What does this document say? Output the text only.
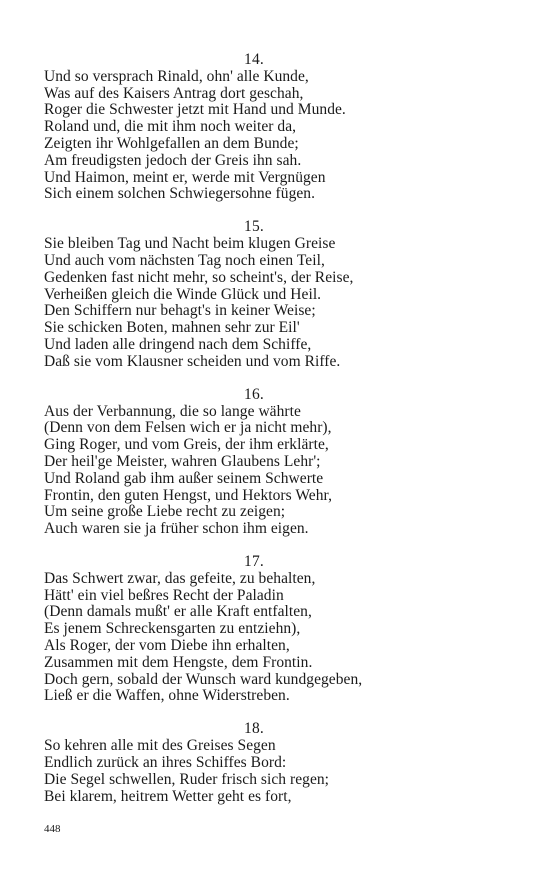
14.
Und so versprach Rinald, ohn' alle Kunde,
Was auf des Kaisers Antrag dort geschah,
Roger die Schwester jetzt mit Hand und Munde.
Roland und, die mit ihm noch weiter da,
Zeigten ihr Wohlgefallen an dem Bunde;
Am freudigsten jedoch der Greis ihn sah.
Und Haimon, meint er, werde mit Vergnügen
Sich einem solchen Schwiegersohne fügen.
15.
Sie bleiben Tag und Nacht beim klugen Greise
Und auch vom nächsten Tag noch einen Teil,
Gedenken fast nicht mehr, so scheint's, der Reise,
Verheißen gleich die Winde Glück und Heil.
Den Schiffern nur behagt's in keiner Weise;
Sie schicken Boten, mahnen sehr zur Eil'
Und laden alle dringend nach dem Schiffe,
Daß sie vom Klausner scheiden und vom Riffe.
16.
Aus der Verbannung, die so lange währte
(Denn von dem Felsen wich er ja nicht mehr),
Ging Roger, und vom Greis, der ihm erklärte,
Der heil'ge Meister, wahren Glaubens Lehr';
Und Roland gab ihm außer seinem Schwerte
Frontin, den guten Hengst, und Hektors Wehr,
Um seine große Liebe recht zu zeigen;
Auch waren sie ja früher schon ihm eigen.
17.
Das Schwert zwar, das gefeite, zu behalten,
Hätt' ein viel beßres Recht der Paladin
(Denn damals mußt' er alle Kraft entfalten,
Es jenem Schreckensgarten zu entziehn),
Als Roger, der vom Diebe ihn erhalten,
Zusammen mit dem Hengste, dem Frontin.
Doch gern, sobald der Wunsch ward kundgegeben,
Ließ er die Waffen, ohne Widerstreben.
18.
So kehren alle mit des Greises Segen
Endlich zurück an ihres Schiffes Bord:
Die Segel schwellen, Ruder frisch sich regen;
Bei klarem, heitrem Wetter geht es fort,
448
